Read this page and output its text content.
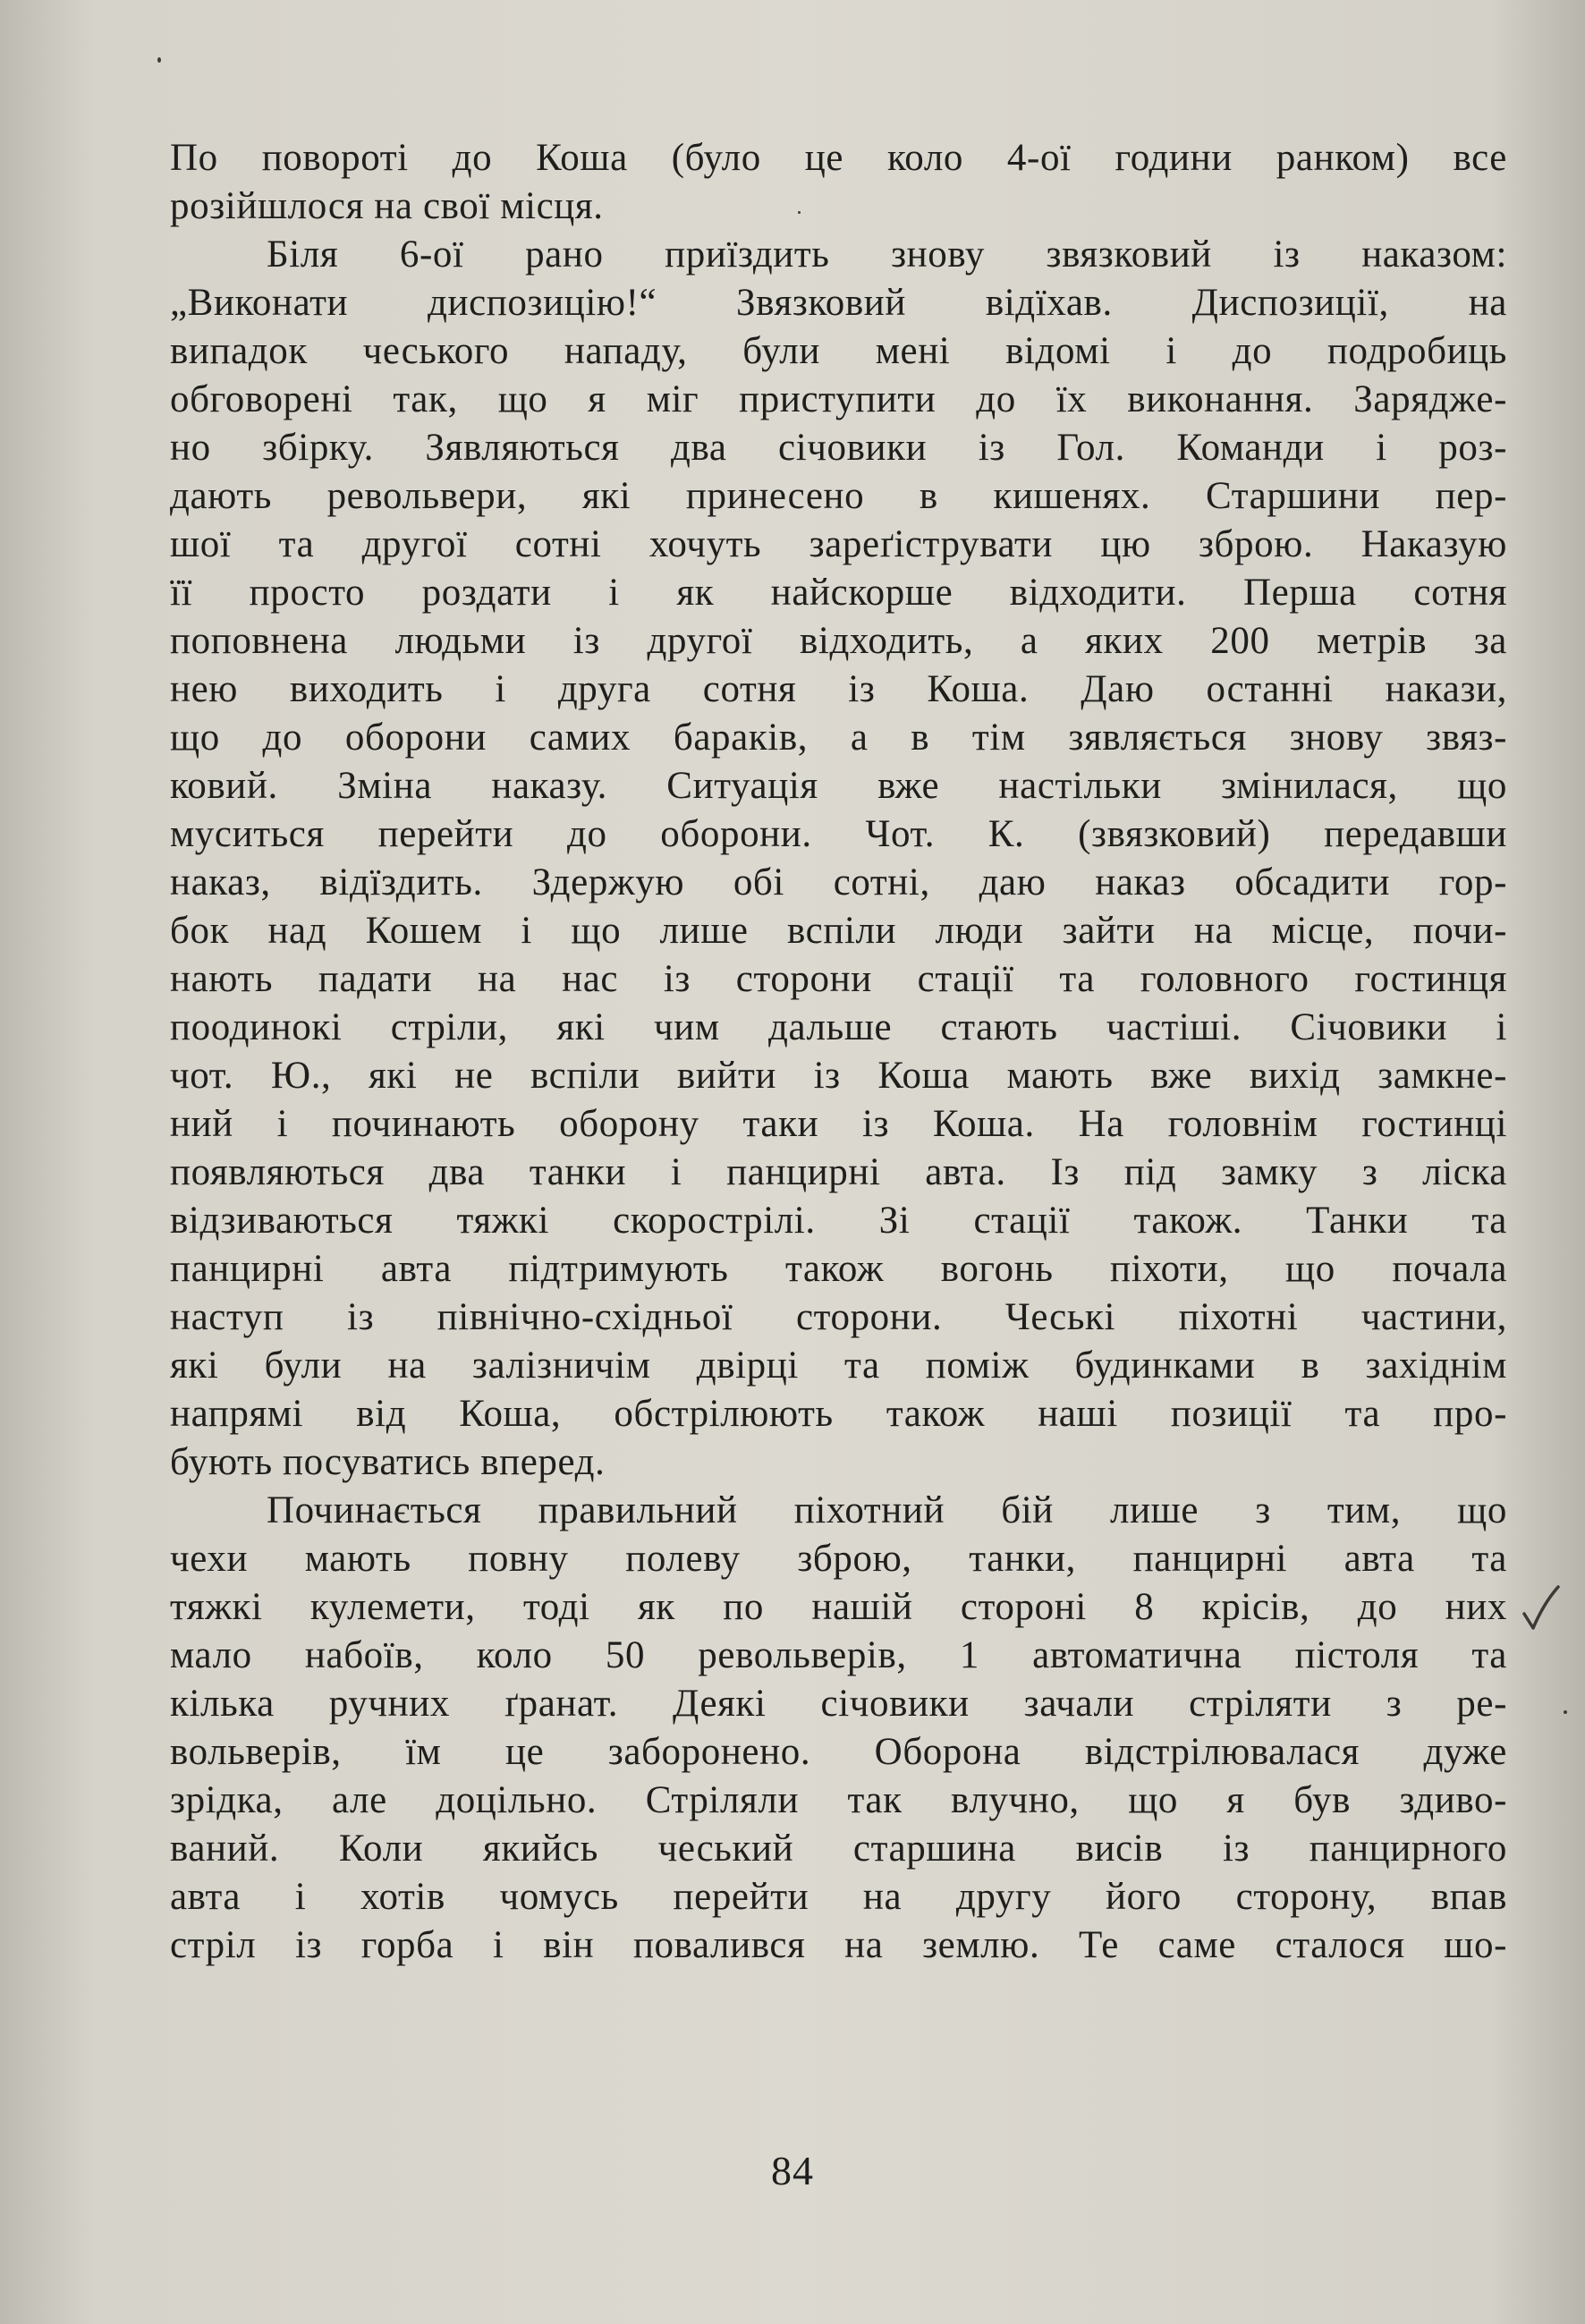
По повороті до Коша (було це коло 4-ої години ранком) все
розійшлося на свої місця.
Біля 6-ої рано приїздить знову звязковий із наказом:
„Виконати диспозицію!“ Звязковий відїхав. Диспозиції, на
випадок чеського нападу, були мені відомі і до подробиць
обговорені так, що я міг приступити до їх виконання. Заряджe-
но збірку. Зявляються два січовики із Гол. Команди і роз-
дають револьвери, які принесено в кишенях. Старшини пер-
шої та другої сотні хочуть зареґіструвати цю зброю. Наказую
її просто роздати і як найскорше відходити. Перша сотня
поповнена людьми із другої відходить, а яких 200 метрів за
нею виходить і друга сотня із Коша. Даю останні накази,
що до оборони самих бараків, а в тім зявляється знову звяз-
ковий. Зміна наказу. Ситуація вже настільки змінилася, що
муситься перейти до оборони. Чот. К. (звязковий) передавши
наказ, відїздить. Здержую обі сотні, даю наказ обсадити гор-
бок над Кошем і що лише вспіли люди зайти на місце, почи-
нають падати на нас із сторони стації та головного гостинця
поодинокі стріли, які чим дальше стають частіші. Січовики і
чот. Ю., які не вспіли вийти із Коша мають вже вихід замкне-
ний і починають оборону таки із Коша. На головнім гостинці
появляються два танки і панцирні авта. Із під замку з ліска
відзиваються тяжкі скорострілі. Зі стації також. Танки та
панцирні авта підтримують також вогонь піхоти, що почала
наступ із північно-східньої сторони. Чеські піхотні частини,
які були на залізничім двірці та поміж будинками в західнім
напрямі від Коша, обстрілюють також наші позиції та про-
бують посуватись вперед.
Починається правильний піхотний бій лише з тим, що
чехи мають повну полеву зброю, танки, панцирні авта та
тяжкі кулемети, тоді як по нашій стороні 8 крісів, до них
мало набоїв, коло 50 револьверів, 1 автоматична пістоля та
кілька ручних ґранат. Деякі січовики зачали стріляти з ре-
вольверів, їм це заборонено. Оборона відстрілювалася дуже
зрідка, але доцільно. Стріляли так влучно, що я був здиво-
ваний. Коли якийсь чеський старшина висів із панцирного
авта і хотів чомусь перейти на другу його сторону, впав
стріл із горба і він повалився на землю. Те саме сталося шо-
84
